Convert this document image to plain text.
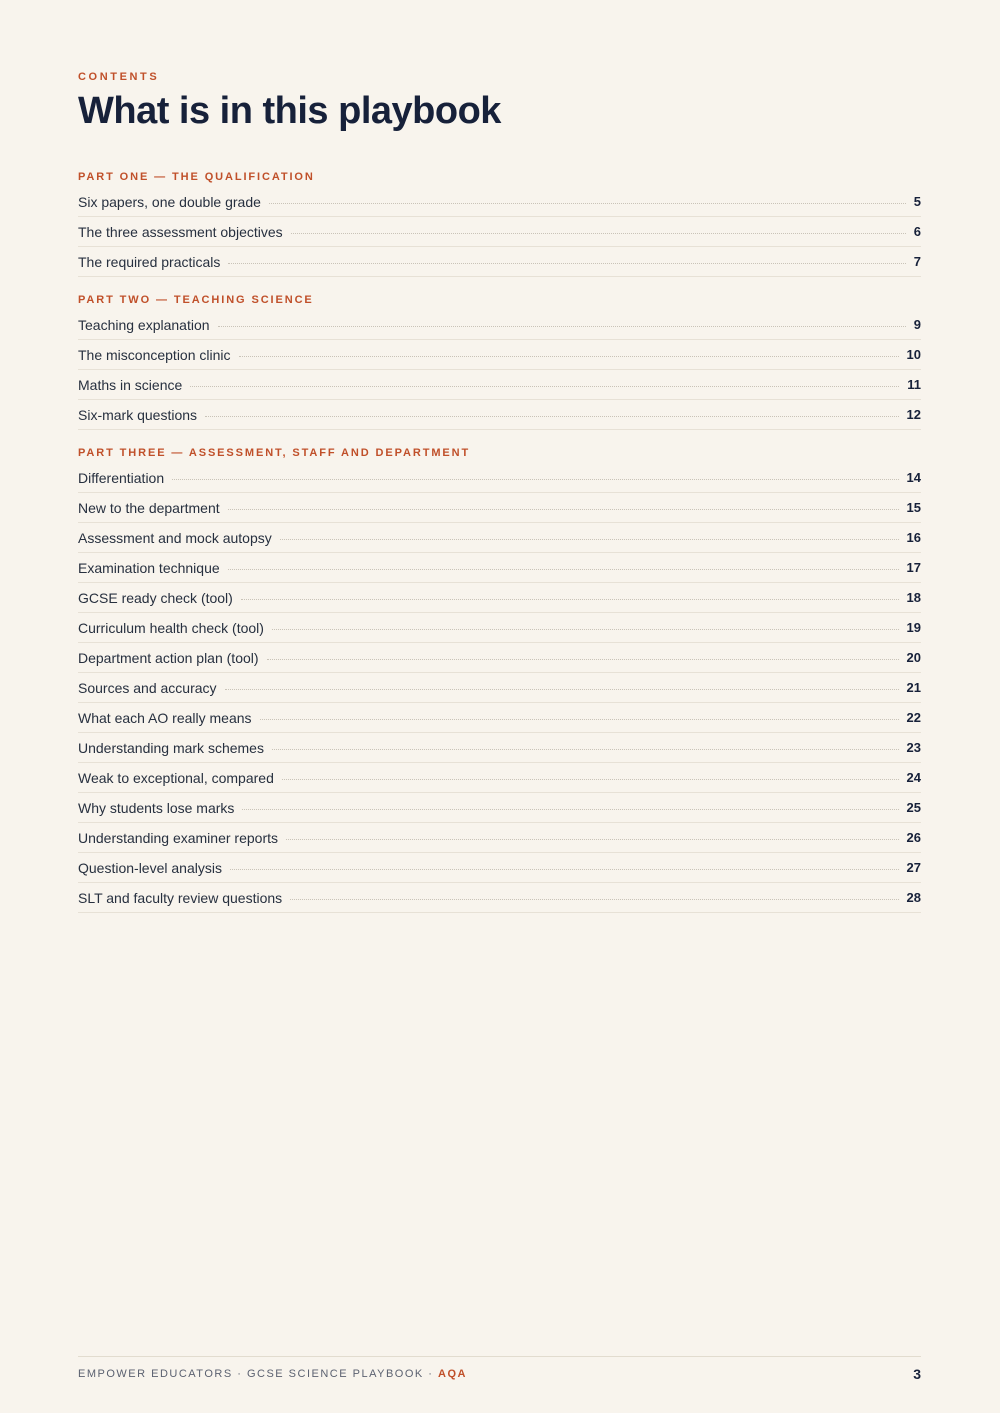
CONTENTS
What is in this playbook
PART ONE — THE QUALIFICATION
Six papers, one double grade	5
The three assessment objectives	6
The required practicals	7
PART TWO — TEACHING SCIENCE
Teaching explanation	9
The misconception clinic	10
Maths in science	11
Six-mark questions	12
PART THREE — ASSESSMENT, STAFF AND DEPARTMENT
Differentiation	14
New to the department	15
Assessment and mock autopsy	16
Examination technique	17
GCSE ready check (tool)	18
Curriculum health check (tool)	19
Department action plan (tool)	20
Sources and accuracy	21
What each AO really means	22
Understanding mark schemes	23
Weak to exceptional, compared	24
Why students lose marks	25
Understanding examiner reports	26
Question-level analysis	27
SLT and faculty review questions	28
EMPOWER EDUCATORS · GCSE SCIENCE PLAYBOOK · AQA	3
